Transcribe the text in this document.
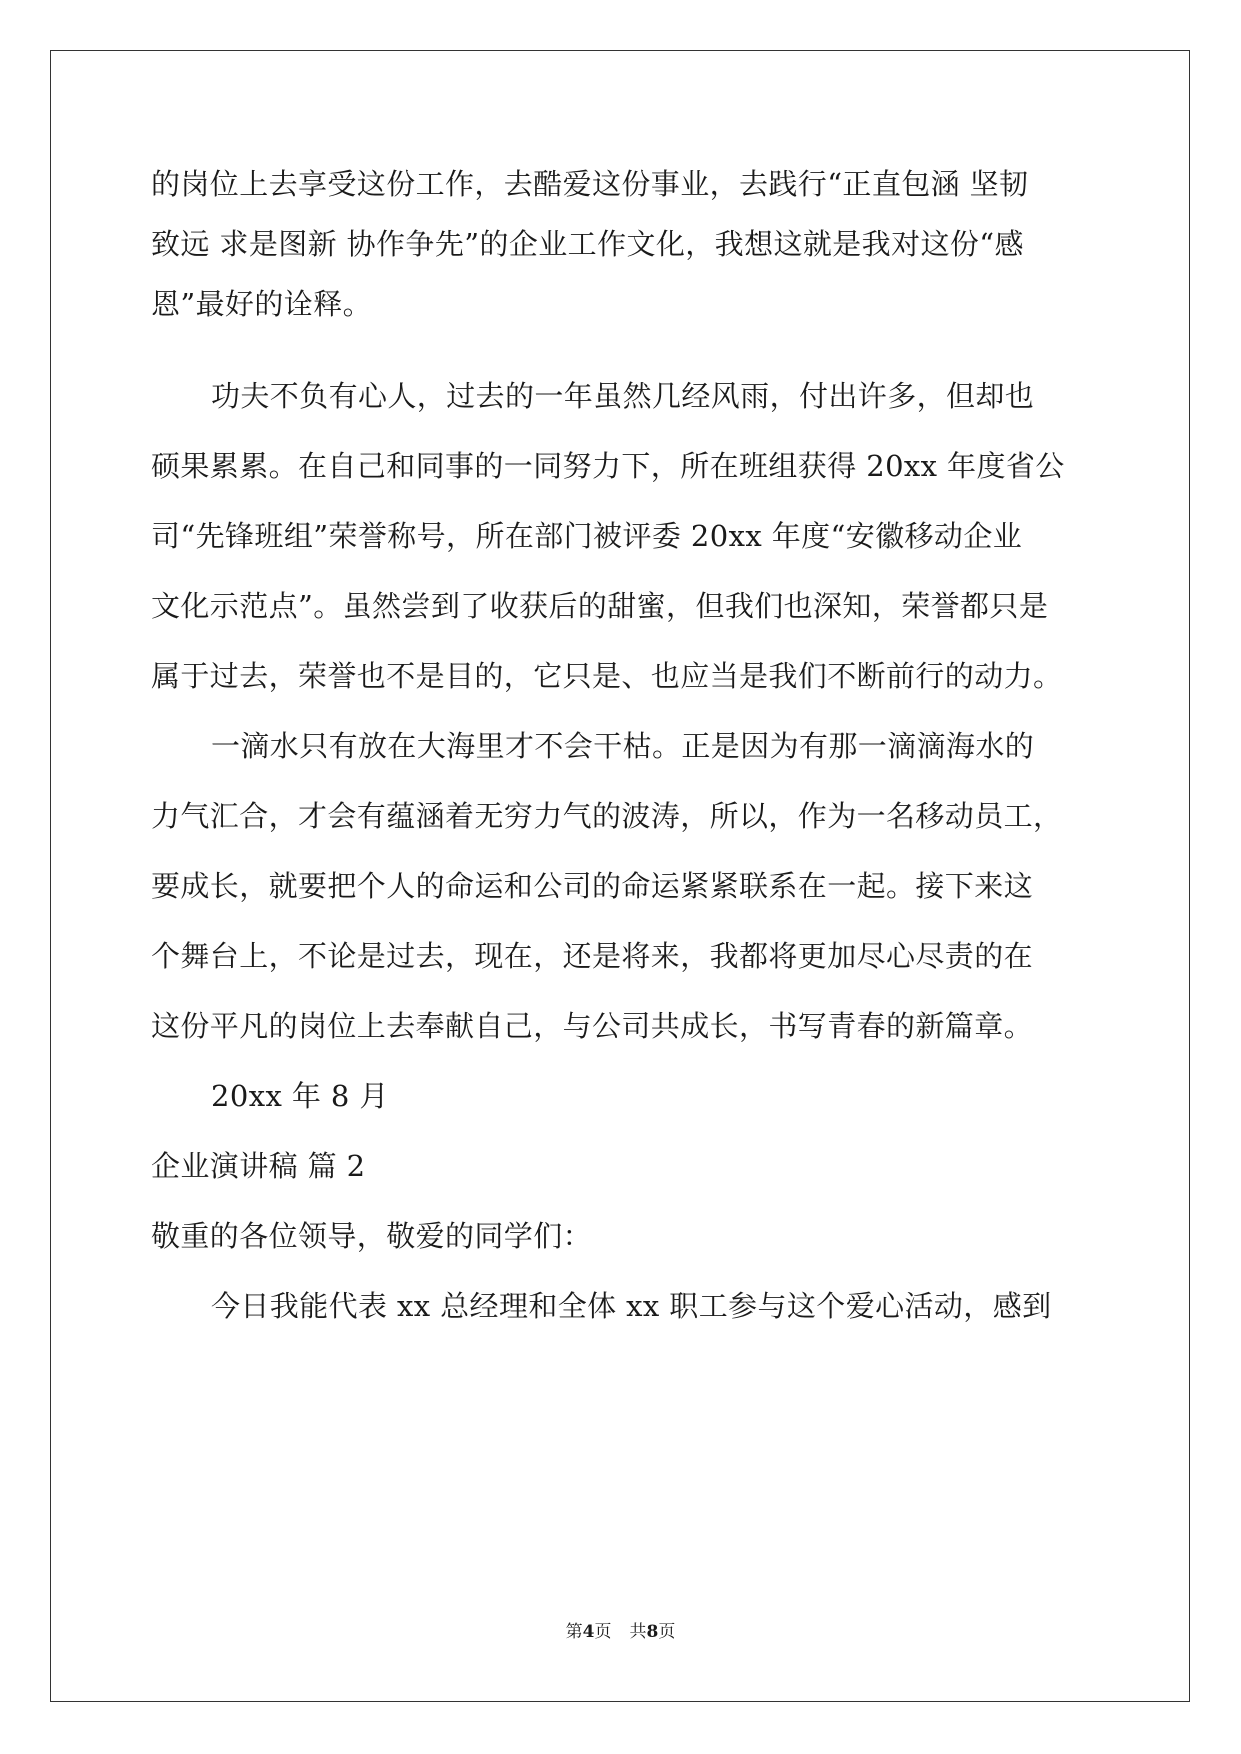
的岗位上去享受这份工作，去酷爱这份事业，去践行“正直包涵 坚韧
致远 求是图新 协作争先”的企业工作文化，我想这就是我对这份“感
恩”最好的诠释。
功夫不负有心人，过去的一年虽然几经风雨，付出许多，但却也
硕果累累。在自己和同事的一同努力下，所在班组获得 20xx 年度省公
司“先锋班组”荣誉称号，所在部门被评委 20xx 年度“安徽移动企业
文化示范点”。虽然尝到了收获后的甜蜜，但我们也深知，荣誉都只是
属于过去，荣誉也不是目的，它只是、也应当是我们不断前行的动力。
一滴水只有放在大海里才不会干枯。正是因为有那一滴滴海水的
力气汇合，才会有蕴涵着无穷力气的波涛，所以，作为一名移动员工，
要成长，就要把个人的命运和公司的命运紧紧联系在一起。接下来这
个舞台上，不论是过去，现在，还是将来，我都将更加尽心尽责的在
这份平凡的岗位上去奉献自己，与公司共成长，书写青春的新篇章。
20xx 年 8 月
企业演讲稿 篇 2
敬重的各位领导，敬爱的同学们：
今日我能代表 xx 总经理和全体 xx 职工参与这个爱心活动，感到
第4页 共8页
